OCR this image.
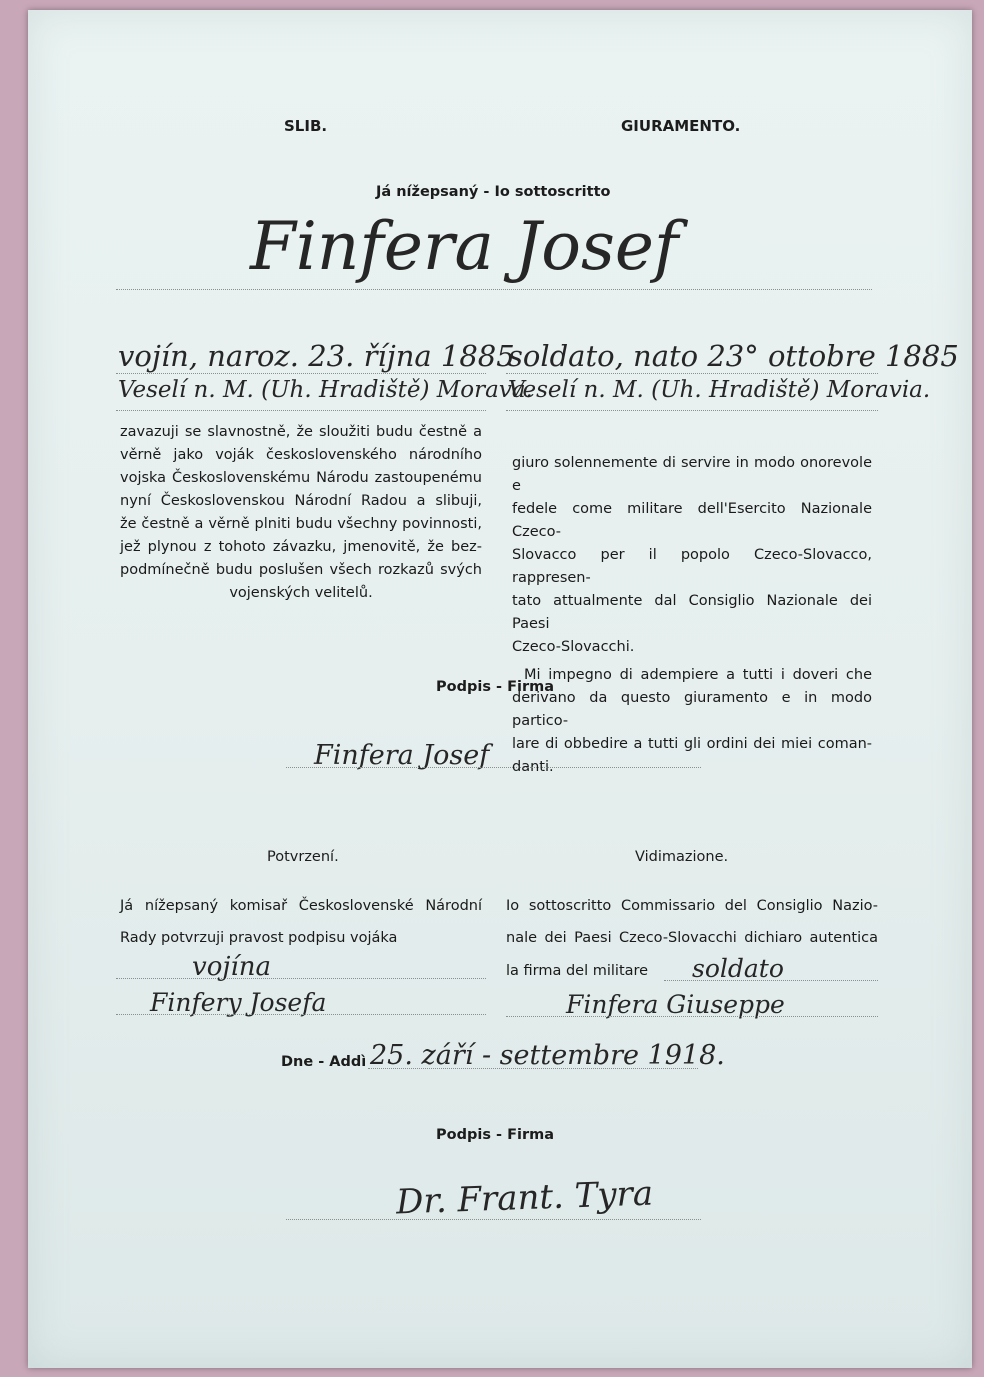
SLIB.	GIURAMENTO.
Já nížepsaný - Io sottoscritto
Finfera Josef
vojín, naroz. 23. října 1885
Veselí n. M. (Uh. Hradiště) Morava.
soldato, nato 23° ottobre 1885
Veselí n. M. (Uh. Hradiště) Moravia.

zavazuji se slavnostně, že sloužiti budu čestně a

věrně jako voják československého národního

vojska Československému Národu zastoupenému

nyní Československou Národní Radou a slibuji,

že čestně a věrně plniti budu všechny povinnosti,

jež plynou z tohoto závazku, jmenovitě, že bez-

podmínečně budu poslušen všech rozkazů svých

vojenských velitelů.

giuro solennemente di servire in modo onorevole e

fedele come militare dell'Esercito Nazionale Czeco-

Slovacco per il popolo Czeco-Slovacco, rappresen-

tato attualmente dal Consiglio Nazionale dei Paesi

Czeco-Slovacchi.

Mi impegno di adempiere a tutti i doveri che

derivano da questo giuramento e in modo partico-

lare di obbedire a tutti gli ordini dei miei coman-

danti.

Podpis - Firma
Finfera Josef
Potvrzení.	Vidimazione.

Já nížepsaný komisař Československé Národní

Rady potvrzuji pravost podpisu vojáka

Io sottoscritto Commissario del Consiglio Nazio-

nale dei Paesi Czeco-Slovacchi dichiaro autentica

vojína
Finfery Josefa
la firma del militare soldato
Finfera Giuseppe
Dne - Addì 25. září - settembre 1918.
Podpis - Firma
Dr. Frant. Tyra
